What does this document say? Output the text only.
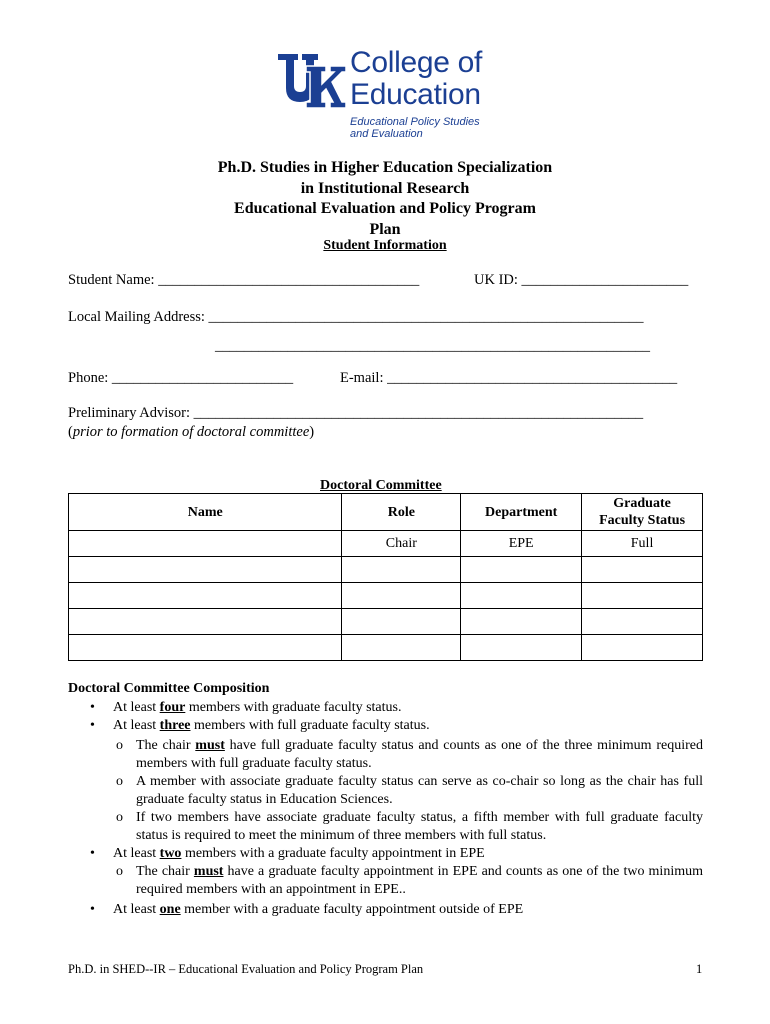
College of
Education
Educational Policy Studies
and Evaluation
Ph.D. Studies in Higher Education Specialization
in Institutional Research
Educational Evaluation and Policy Program
Plan
Student Information
Student Name: ____________________________________	UK ID: _______________________
Local Mailing Address: ____________________________________________________________
____________________________________________________________
Phone: _________________________	E-mail: ________________________________________
Preliminary Advisor: ______________________________________________________________
(prior to formation of doctoral committee)
Doctoral Committee
Name	Role	Department	Graduate
Faculty Status
	Chair	EPE	Full

Doctoral Committee Composition
• At least four members with graduate faculty status.
• At least three members with full graduate faculty status.
o The chair must have full graduate faculty status and counts as one of the three minimum required members with full graduate faculty status.
o A member with associate graduate faculty status can serve as co-chair so long as the chair has full graduate faculty status in Education Sciences.
o If two members have associate graduate faculty status, a fifth member with full graduate faculty status is required to meet the minimum of three members with full status.
• At least two members with a graduate faculty appointment in EPE
o The chair must have a graduate faculty appointment in EPE and counts as one of the two minimum required members with an appointment in EPE..
• At least one member with a graduate faculty appointment outside of EPE
Ph.D. in SHED--IR – Educational Evaluation and Policy Program Plan	1
